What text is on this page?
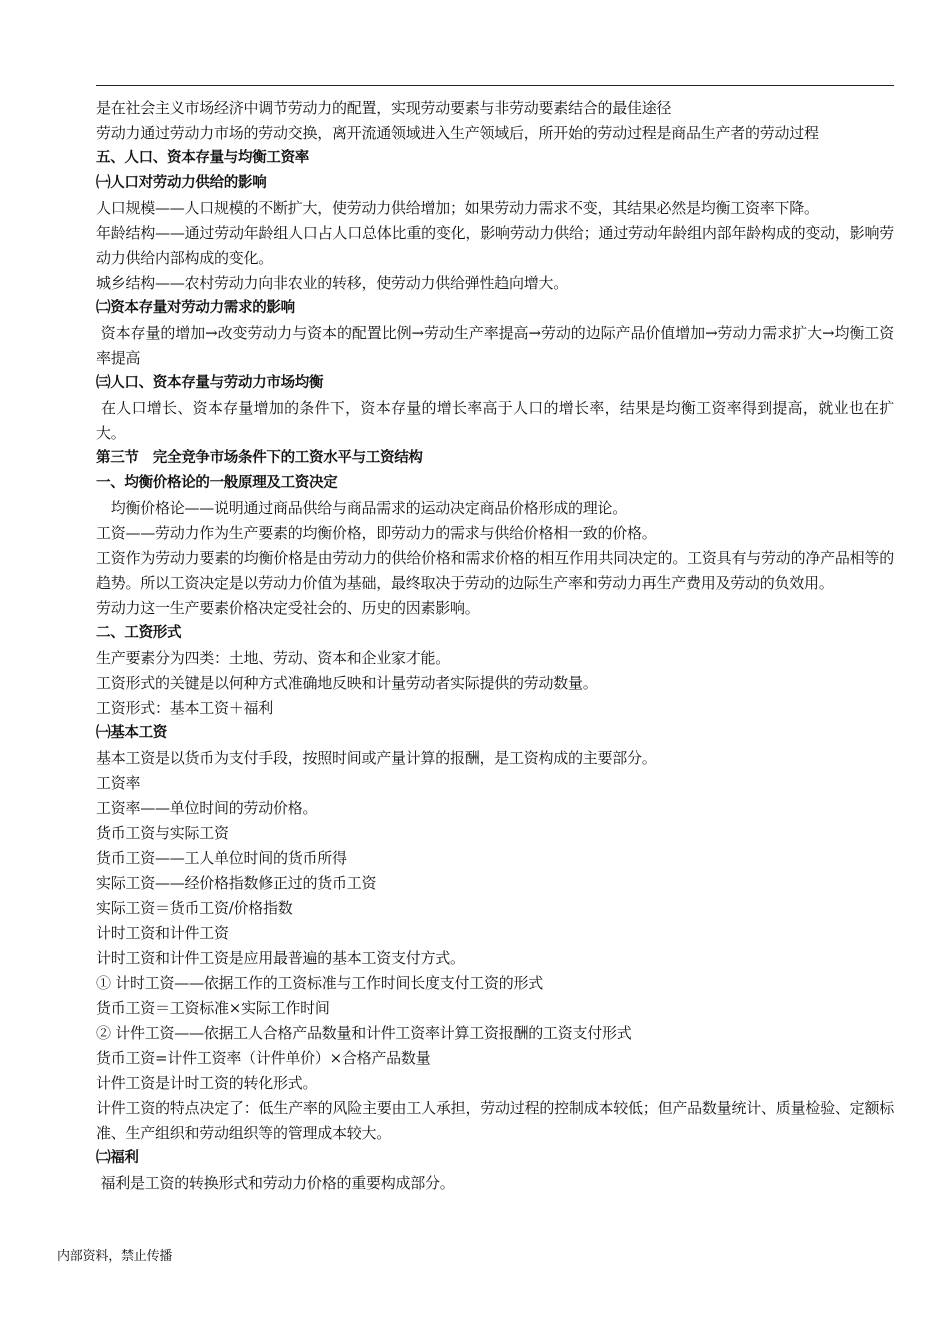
是在社会主义市场经济中调节劳动力的配置，实现劳动要素与非劳动要素结合的最佳途径

劳动力通过劳动力市场的劳动交换，离开流通领域进入生产领域后，所开始的劳动过程是商品生产者的劳动过程

五、人口、资本存量与均衡工资率

㈠人口对劳动力供给的影响

人口规模——人口规模的不断扩大，使劳动力供给增加；如果劳动力需求不变，其结果必然是均衡工资率下降。

年龄结构——通过劳动年龄组人口占人口总体比重的变化，影响劳动力供给；通过劳动年龄组内部年龄构成的变动，影响劳动力供给内部构成的变化。

城乡结构——农村劳动力向非农业的转移，使劳动力供给弹性趋向增大。

㈡资本存量对劳动力需求的影响

资本存量的增加→改变劳动力与资本的配置比例→劳动生产率提高→劳动的边际产品价值增加→劳动力需求扩大→均衡工资率提高

㈢人口、资本存量与劳动力市场均衡

在人口增长、资本存量增加的条件下，资本存量的增长率高于人口的增长率，结果是均衡工资率得到提高，就业也在扩大。

第三节　完全竞争市场条件下的工资水平与工资结构

一、均衡价格论的一般原理及工资决定

　均衡价格论——说明通过商品供给与商品需求的运动决定商品价格形成的理论。

工资——劳动力作为生产要素的均衡价格，即劳动力的需求与供给价格相一致的价格。

工资作为劳动力要素的均衡价格是由劳动力的供给价格和需求价格的相互作用共同决定的。工资具有与劳动的净产品相等的趋势。所以工资决定是以劳动力价值为基础，最终取决于劳动的边际生产率和劳动力再生产费用及劳动的负效用。

劳动力这一生产要素价格决定受社会的、历史的因素影响。

二、工资形式

生产要素分为四类：土地、劳动、资本和企业家才能。

工资形式的关键是以何种方式准确地反映和计量劳动者实际提供的劳动数量。

工资形式：基本工资＋福利

㈠基本工资

基本工资是以货币为支付手段，按照时间或产量计算的报酬，是工资构成的主要部分。

工资率

工资率——单位时间的劳动价格。

货币工资与实际工资

货币工资——工人单位时间的货币所得

实际工资——经价格指数修正过的货币工资

实际工资＝货币工资/价格指数

计时工资和计件工资

计时工资和计件工资是应用最普遍的基本工资支付方式。

① 计时工资——依据工作的工资标准与工作时间长度支付工资的形式

货币工资＝工资标准×实际工作时间

② 计件工资——依据工人合格产品数量和计件工资率计算工资报酬的工资支付形式

货币工资=计件工资率（计件单价）×合格产品数量

计件工资是计时工资的转化形式。

计件工资的特点决定了：低生产率的风险主要由工人承担，劳动过程的控制成本较低；但产品数量统计、质量检验、定额标准、生产组织和劳动组织等的管理成本较大。

㈡福利

福利是工资的转换形式和劳动力价格的重要构成部分。

内部资料，禁止传播
